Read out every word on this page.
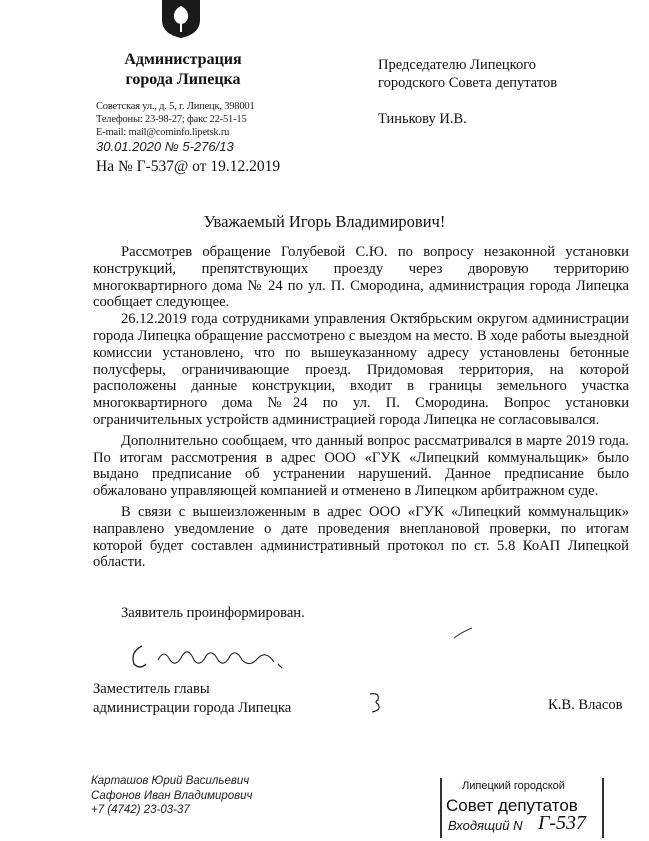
Администрация
города Липецка
Советская ул., д. 5, г. Липецк, 398001
Телефоны: 23-98-27; факс 22-51-15
E-mail: mail@cominfo.lipetsk.ru
30.01.2020 № 5-276/13
На № Г-537@ от 19.12.2019
Председателю Липецкого
городского Совета депутатов
Тинькову И.В.
Уважаемый Игорь Владимирович!

Рассмотрев обращение Голубевой С.Ю. по вопросу незаконной установки конструкций, препятствующих проезду через дворовую территорию многоквартирного дома № 24 по ул. П. Смородина, администрация города Липецка сообщает следующее.

26.12.2019 года сотрудниками управления Октябрьским округом администрации города Липецка обращение рассмотрено с выездом на место. В ходе работы выездной комиссии установлено, что по вышеуказанному адресу установлены бетонные полусферы, ограничивающие проезд. Придомовая территория, на которой расположены данные конструкции, входит в границы земельного участка многоквартирного дома №24 по ул. П. Смородина. Вопрос установки ограничительных устройств администрацией города Липецка не согласовывался.

Дополнительно сообщаем, что данный вопрос рассматривался в марте 2019 года. По итогам рассмотрения в адрес ООО «ГУК «Липецкий коммунальщик» было выдано предписание об устранении нарушений. Данное предписание было обжаловано управляющей компанией и отменено в Липецком арбитражном суде.

В связи с вышеизложенным в адрес ООО «ГУК «Липецкий коммунальщик» направлено уведомление о дате проведения внеплановой проверки, по итогам которой будет составлен административный протокол по ст. 5.8 КоАП Липецкой области.

Заявитель проинформирован.
Заместитель главы
администрации города Липецка	К.В. Власов
Карташов Юрий Васильевич
Сафонов Иван Владимирович
+7 (4742) 23-03-37
Липецкий городской
Совет депутатов
Входящий N Г-537
